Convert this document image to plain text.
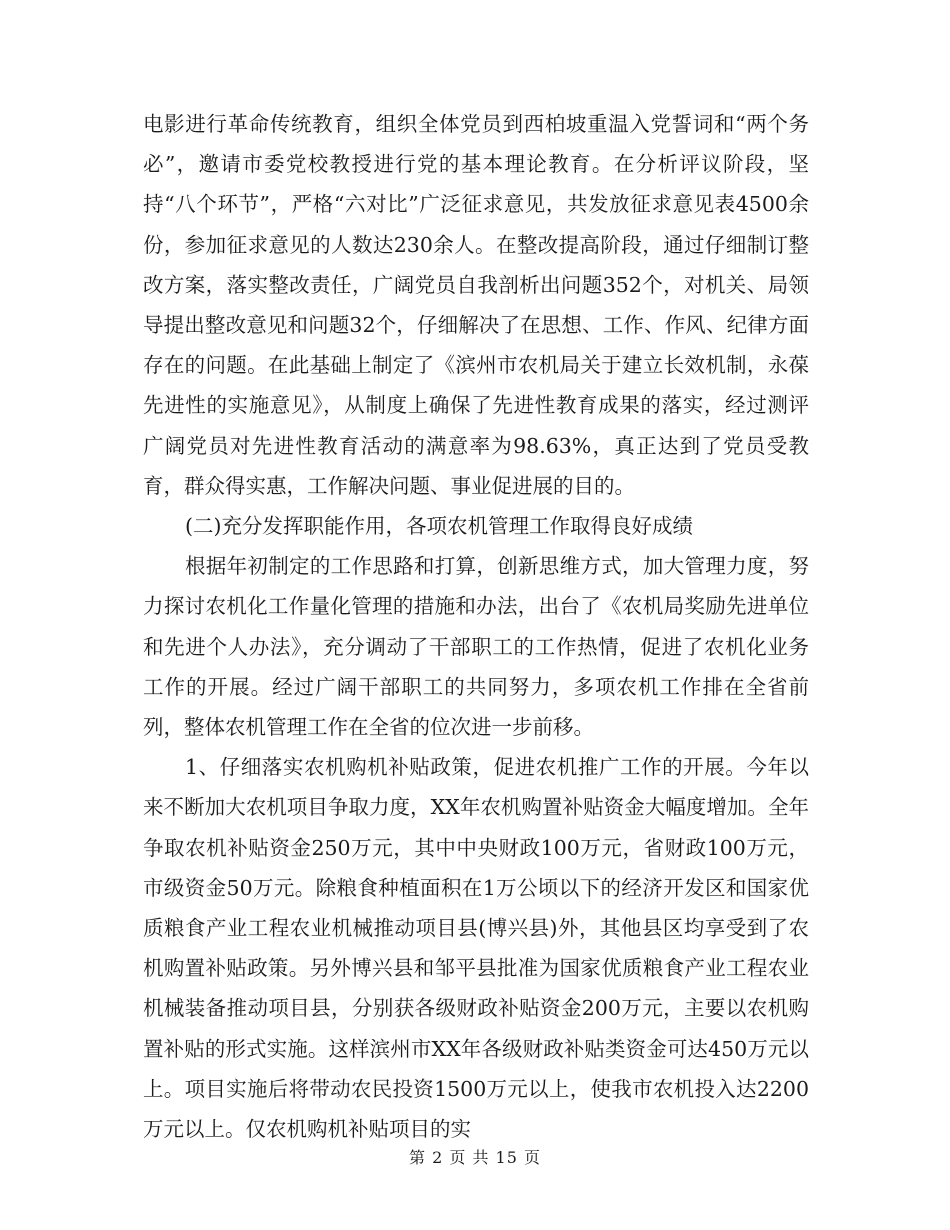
电影进行革命传统教育，组织全体党员到西柏坡重温入党誓词和“两个务必”，邀请市委党校教授进行党的基本理论教育。在分析评议阶段，坚持“八个环节”，严格“六对比”广泛征求意见，共发放征求意见表4500余份，参加征求意见的人数达230余人。在整改提高阶段，通过仔细制订整改方案，落实整改责任，广阔党员自我剖析出问题352个，对机关、局领导提出整改意见和问题32个，仔细解决了在思想、工作、作风、纪律方面存在的问题。在此基础上制定了《滨州市农机局关于建立长效机制，永葆先进性的实施意见》，从制度上确保了先进性教育成果的落实，经过测评广阔党员对先进性教育活动的满意率为98.63%，真正达到了党员受教育，群众得实惠，工作解决问题、事业促进展的目的。

(二)充分发挥职能作用，各项农机管理工作取得良好成绩

根据年初制定的工作思路和打算，创新思维方式，加大管理力度，努力探讨农机化工作量化管理的措施和办法，出台了《农机局奖励先进单位和先进个人办法》，充分调动了干部职工的工作热情，促进了农机化业务工作的开展。经过广阔干部职工的共同努力，多项农机工作排在全省前列，整体农机管理工作在全省的位次进一步前移。

1、仔细落实农机购机补贴政策，促进农机推广工作的开展。今年以来不断加大农机项目争取力度，XX年农机购置补贴资金大幅度增加。全年争取农机补贴资金250万元，其中中央财政100万元，省财政100万元，市级资金50万元。除粮食种植面积在1万公顷以下的经济开发区和国家优质粮食产业工程农业机械推动项目县(博兴县)外，其他县区均享受到了农机购置补贴政策。另外博兴县和邹平县批准为国家优质粮食产业工程农业机械装备推动项目县，分别获各级财政补贴资金200万元，主要以农机购置补贴的形式实施。这样滨州市XX年各级财政补贴类资金可达450万元以上。项目实施后将带动农民投资1500万元以上，使我市农机投入达2200万元以上。仅农机购机补贴项目的实

第 2 页 共 15 页
